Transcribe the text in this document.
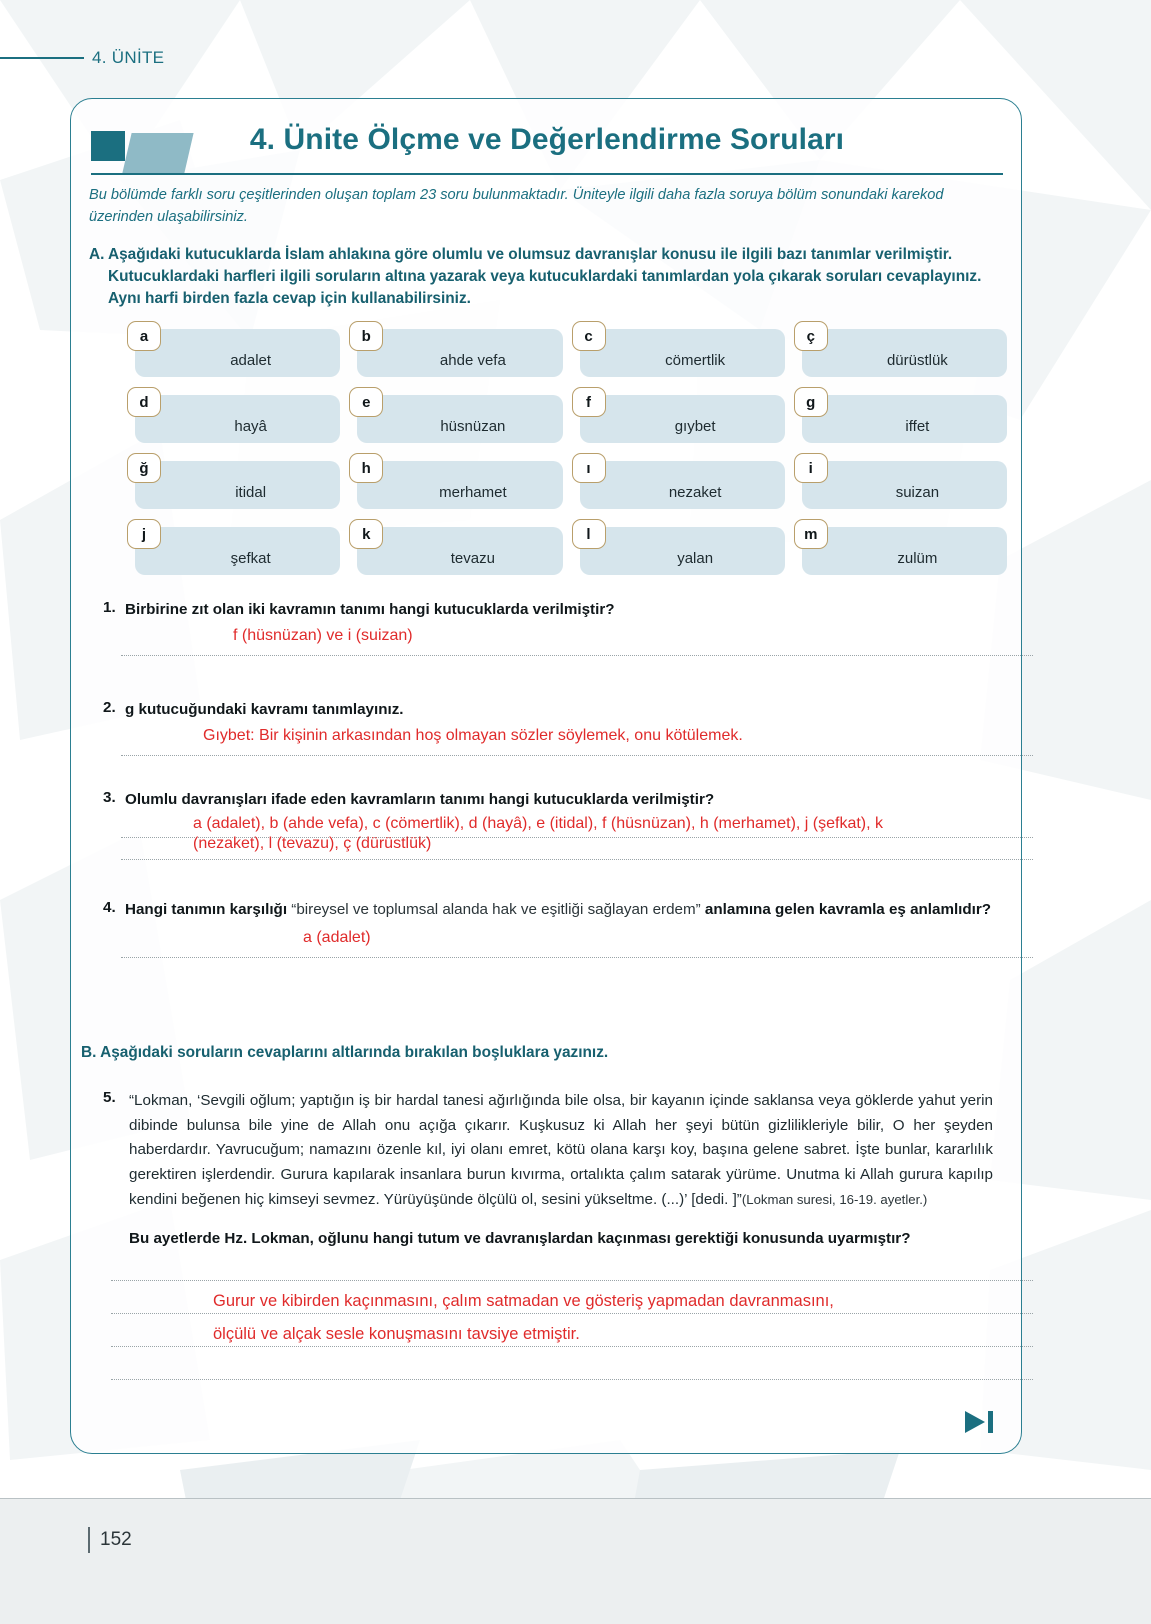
4. ÜNİTE
4. Ünite Ölçme ve Değerlendirme Soruları
Bu bölümde farklı soru çeşitlerinden oluşan toplam 23 soru bulunmaktadır. Üniteyle ilgili daha fazla soruya bölüm sonundaki karekod üzerinden ulaşabilirsiniz.
A. Aşağıdaki kutucuklarda İslam ahlakına göre olumlu ve olumsuz davranışlar konusu ile ilgili bazı tanımlar verilmiştir. Kutucuklardaki harfleri ilgili soruların altına yazarak veya kutucuklardaki tanımlardan yola çıkarak soruları cevaplayınız. Aynı harfi birden fazla cevap için kullanabilirsiniz.
adalet
a
ahde vefa
b
cömertlik
c
dürüstlük
ç
hayâ
d
hüsnüzan
e
gıybet
f
iffet
g
itidal
ğ
merhamet
h
nezaket
ı
suizan
i
şefkat
j
tevazu
k
yalan
l
zulüm
m
1. Birbirine zıt olan iki kavramın tanımı hangi kutucuklarda verilmiştir?
f (hüsnüzan) ve i (suizan)
2. g kutucuğundaki kavramı tanımlayınız.
Gıybet: Bir kişinin arkasından hoş olmayan sözler söylemek, onu kötülemek.
3. Olumlu davranışları ifade eden kavramların tanımı hangi kutucuklarda verilmiştir?
a (adalet), b (ahde vefa), c (cömertlik), d (hayâ), e (itidal), f (hüsnüzan), h (merhamet), j (şefkat), k
(nezaket), l (tevazu), ç (dürüstlük)
4. Hangi tanımın karşılığı “bireysel ve toplumsal alanda hak ve eşitliği sağlayan erdem” anlamına gelen kavramla eş anlamlıdır?
a (adalet)
B. Aşağıdaki soruların cevaplarını altlarında bırakılan boşluklara yazınız.
5. “Lokman, ‘Sevgili oğlum; yaptığın iş bir hardal tanesi ağırlığında bile olsa, bir kayanın içinde saklansa veya göklerde yahut yerin dibinde bulunsa bile yine de Allah onu açığa çıkarır. Kuşkusuz ki Allah her şeyi bütün gizlilikleriyle bilir, O her şeyden haberdardır. Yavrucuğum; namazını özenle kıl, iyi olanı emret, kötü olana karşı koy, başına gelene sabret. İşte bunlar, kararlılık gerektiren işlerdendir. Gurura kapılarak insanlara burun kıvırma, ortalıkta çalım satarak yürüme. Unutma ki Allah gurura kapılıp kendini beğenen hiç kimseyi sevmez. Yürüyüşünde ölçülü ol, sesini yükseltme. (...)’ [dedi. ]”(Lokman suresi, 16-19. ayetler.)
Bu ayetlerde Hz. Lokman, oğlunu hangi tutum ve davranışlardan kaçınması gerektiği konusunda uyarmıştır?
Gurur ve kibirden kaçınmasını, çalım satmadan ve gösteriş yapmadan davranmasını,
ölçülü ve alçak sesle konuşmasını tavsiye etmiştir.
152
